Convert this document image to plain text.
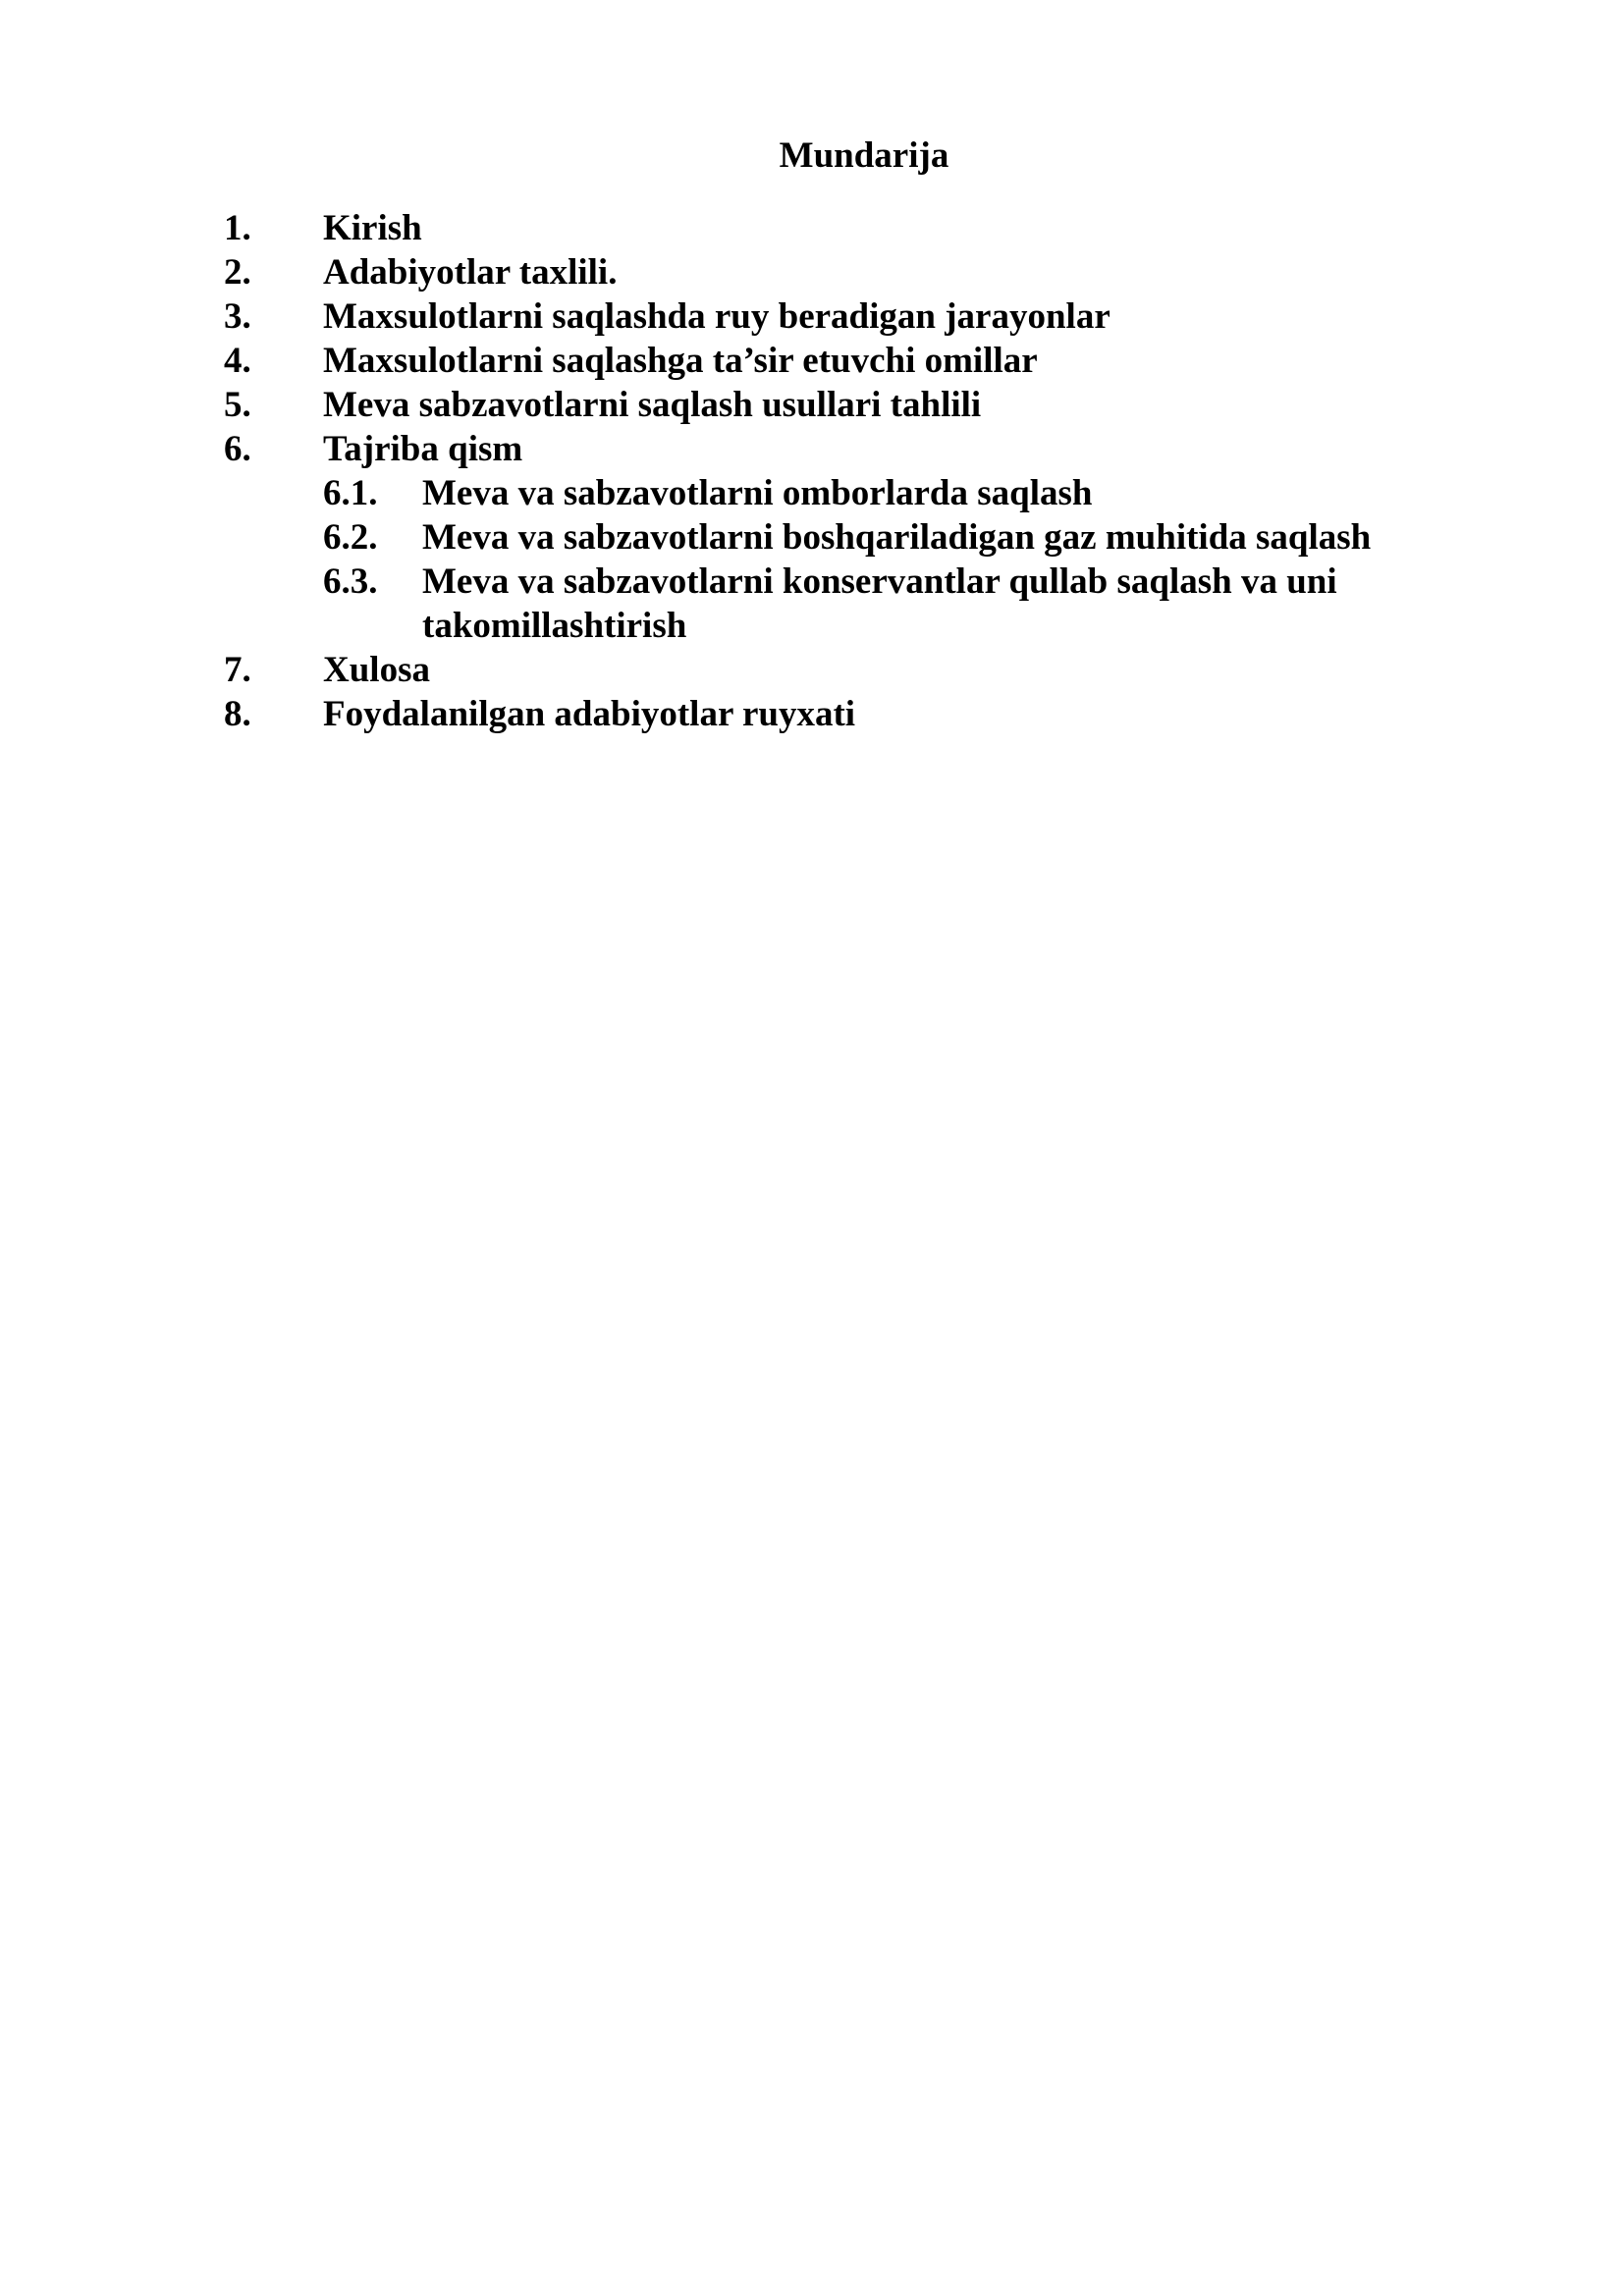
Mundarija
1. Kirish
2. Adabiyotlar taxlili.
3. Maxsulotlarni saqlashda ruy beradigan jarayonlar
4. Maxsulotlarni saqlashga ta’sir etuvchi omillar
5. Meva sabzavotlarni saqlash usullari tahlili
6. Tajriba qism
6.1. Meva va sabzavotlarni omborlarda saqlash
6.2. Meva va sabzavotlarni boshqariladigan gaz muhitida saqlash
6.3. Meva va sabzavotlarni konservantlar qullab saqlash va uni takomillashtirish
7. Xulosa
8. Foydalanilgan adabiyotlar ruyxati
